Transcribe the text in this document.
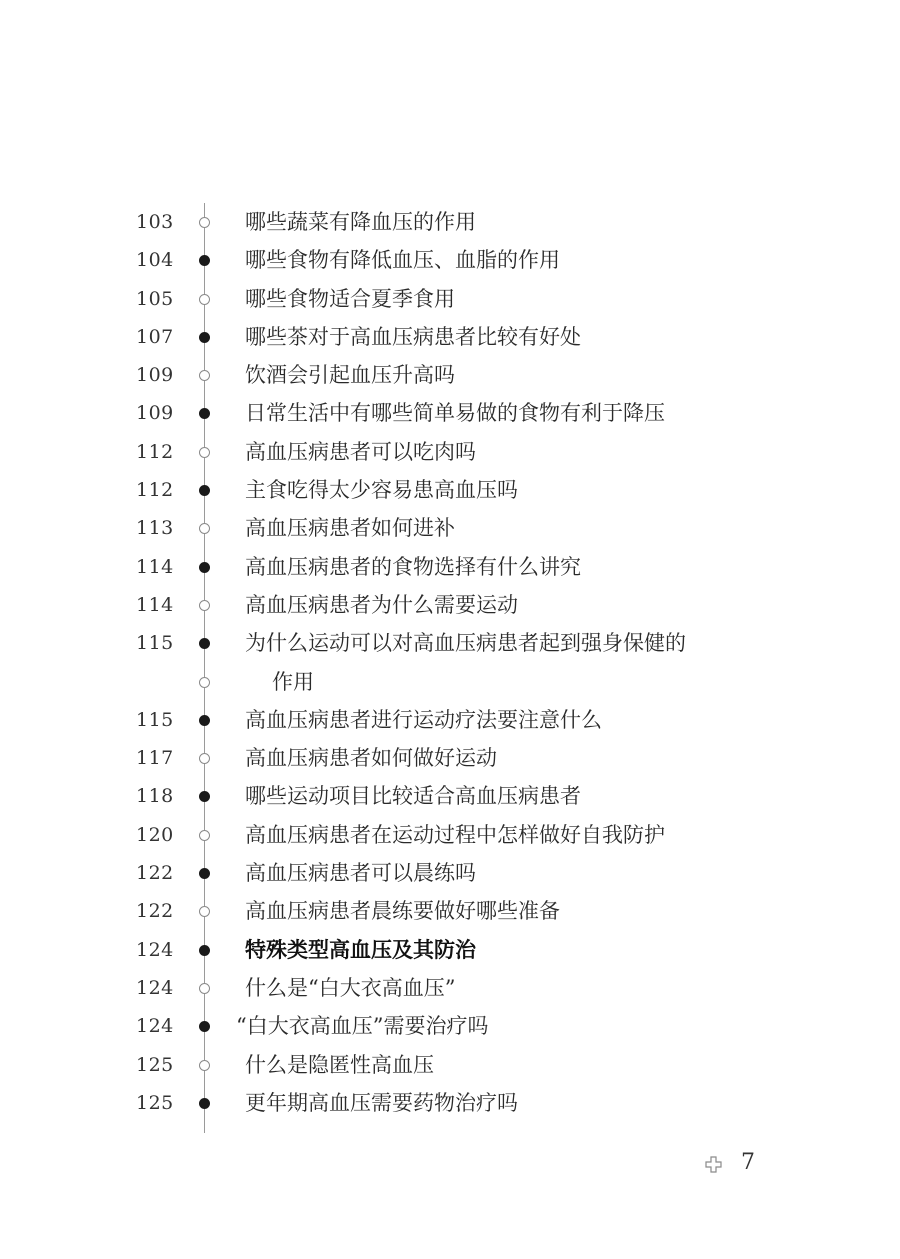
103	哪些蔬菜有降血压的作用
104	哪些食物有降低血压、血脂的作用
105	哪些食物适合夏季食用
107	哪些茶对于高血压病患者比较有好处
109	饮酒会引起血压升高吗
109	日常生活中有哪些简单易做的食物有利于降压
112	高血压病患者可以吃肉吗
112	主食吃得太少容易患高血压吗
113	高血压病患者如何进补
114	高血压病患者的食物选择有什么讲究
114	高血压病患者为什么需要运动
115	为什么运动可以对高血压病患者起到强身保健的
作用
115	高血压病患者进行运动疗法要注意什么
117	高血压病患者如何做好运动
118	哪些运动项目比较适合高血压病患者
120	高血压病患者在运动过程中怎样做好自我防护
122	高血压病患者可以晨练吗
122	高血压病患者晨练要做好哪些准备
124	特殊类型高血压及其防治
124	什么是“白大衣高血压”
124	“白大衣高血压”需要治疗吗
125	什么是隐匿性高血压
125	更年期高血压需要药物治疗吗
7
